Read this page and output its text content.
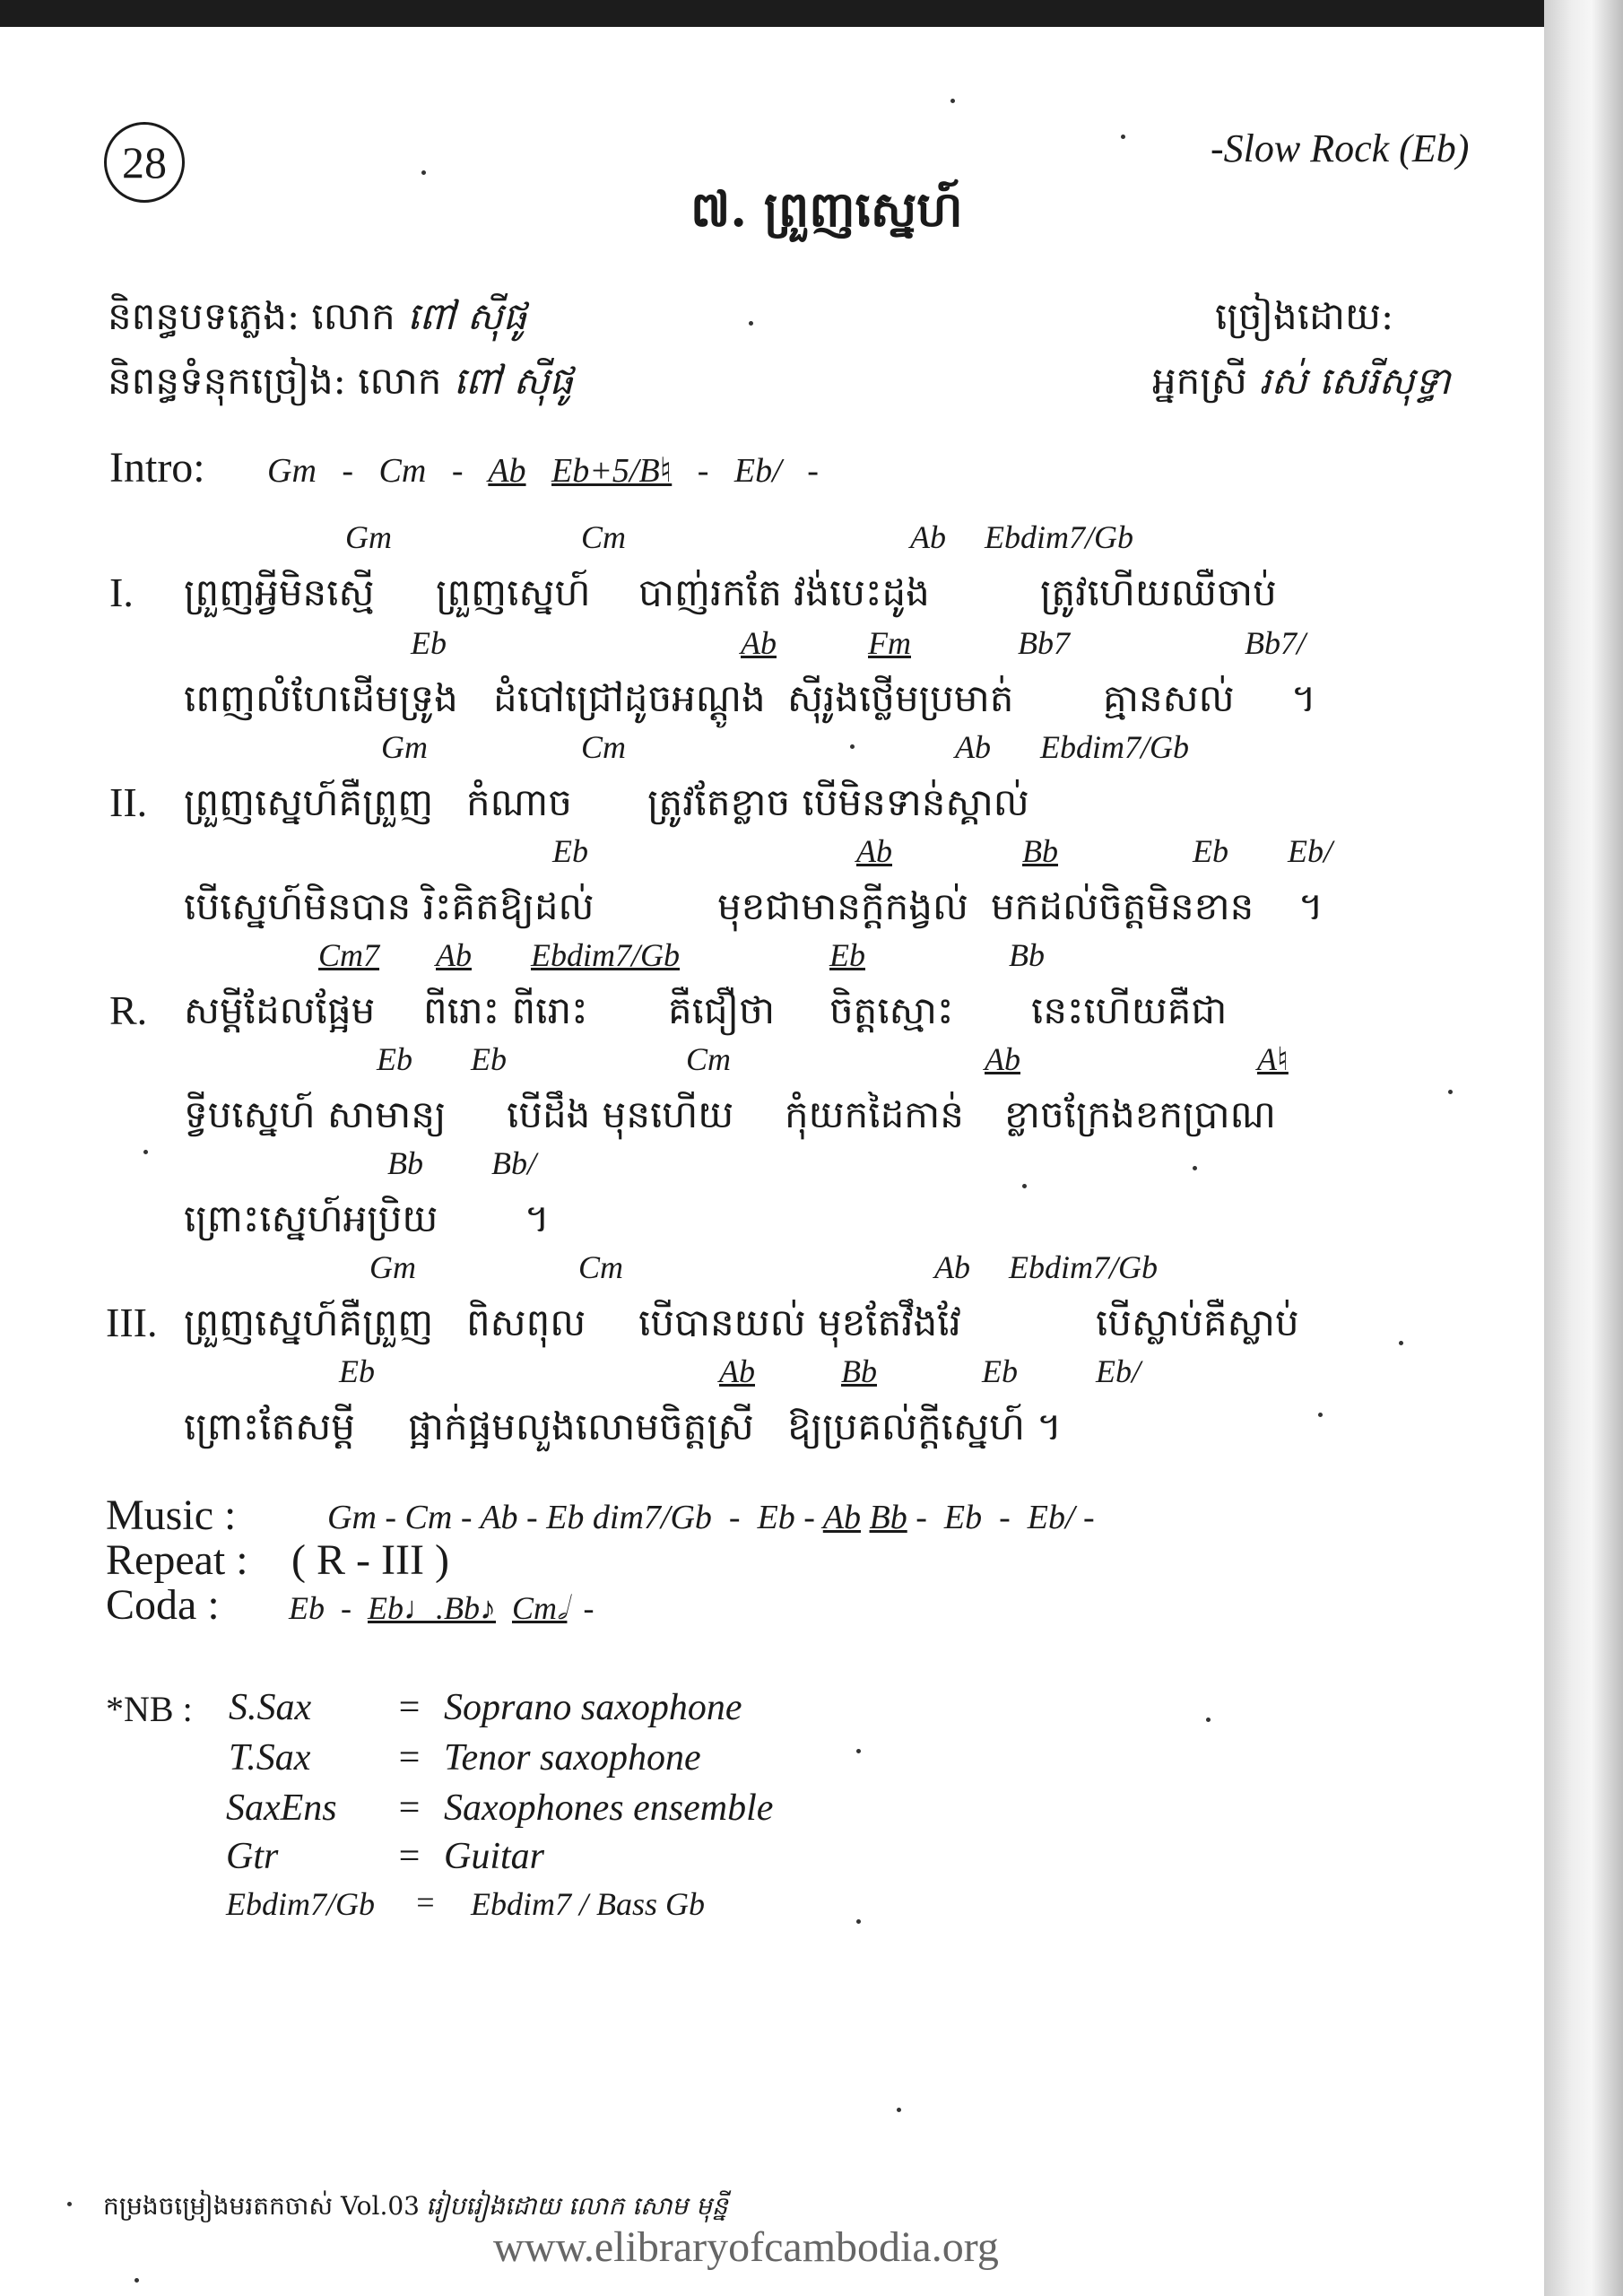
28	-Slow Rock (Eb)
៧. ព្រួញស្នេហ៍
និពន្ធបទភ្លេង: លោក ពៅ ស៊ីផូ
និពន្ធទំនុកច្រៀង: លោក ពៅ ស៊ីផូ
ច្រៀងដោយ:
អ្នកស្រី រស់ សេរីសុទ្ធា
Intro: Gm - Cm - Ab Eb+5/B♮ - Eb/ -
Gm	Cm	Ab Ebdim7/Gb
I. ព្រួញអ្វីមិនស្មើ ព្រួញស្នេហ៍ បាញ់រកតែ វង់បេះដូង	ត្រូវហើយឈឺចាប់
Eb	Ab	Fm	Bb7	Bb7/
ពេញលំហែដើមទ្រូង ដំបៅជ្រៅដូចអណ្ដូង ស៊ីរូងថ្លើមប្រមាត់ គ្មានសល់ ។
Gm	Cm	Ab Ebdim7/Gb
II. ព្រួញស្នេហ៍គឺព្រួញ កំណាច ត្រូវតែខ្លាច បើមិនទាន់ស្គាល់
Eb	Ab	Bb	Eb Eb/
បើស្នេហ៍មិនបាន រិះគិតឱ្យដល់	មុខជាមានក្ដីកង្វល់ មកដល់ចិត្តមិនខាន ។
Cm7 Ab Ebdim7/Gb	Eb	Bb
R. សម្ដីដែលផ្អែម ពីរោះ ពីរោះ គឺជឿថា ចិត្តស្មោះ នេះហើយគឺជា
Eb Eb	Cm	Ab	A♮
ទ្វីបស្នេហ៍ សាមាន្យ បើដឹង មុនហើយ កុំយកដៃកាន់ ខ្លាចក្រែងខកប្រាណ
Bb Bb/
ព្រោះស្នេហ៍អប្រិយ ។
Gm	Cm	Ab Ebdim7/Gb
III. ព្រួញស្នេហ៍គឺព្រួញ ពិសពុល បើបានយល់ មុខតែវឹងវែ	បើស្លាប់គឺស្លាប់
Eb	Ab	Bb	Eb Eb/
ព្រោះតែសម្ដី ផ្អាក់ផ្អមលួងលោមចិត្តស្រី ឱ្យប្រគល់ក្ដីស្នេហ៍ ។
Music :	Gm - Cm - Ab - Eb dim7/Gb - Eb - Ab Bb - Eb - Eb/ -
Repeat : ( R - III )
Coda : Eb - Eb♩.Bb♪ Cm𝅗𝅥 -
*NB : S.Sax = Soprano saxophone
T.Sax = Tenor saxophone
SaxEns = Saxophones ensemble
Gtr	= Guitar
Ebdim7/Gb = Ebdim7 / Bass Gb
កម្រងចម្រៀងមរតកចាស់ Vol.03 រៀបរៀងដោយ លោក សោម មុន្នី
www.elibraryofcambodia.org
